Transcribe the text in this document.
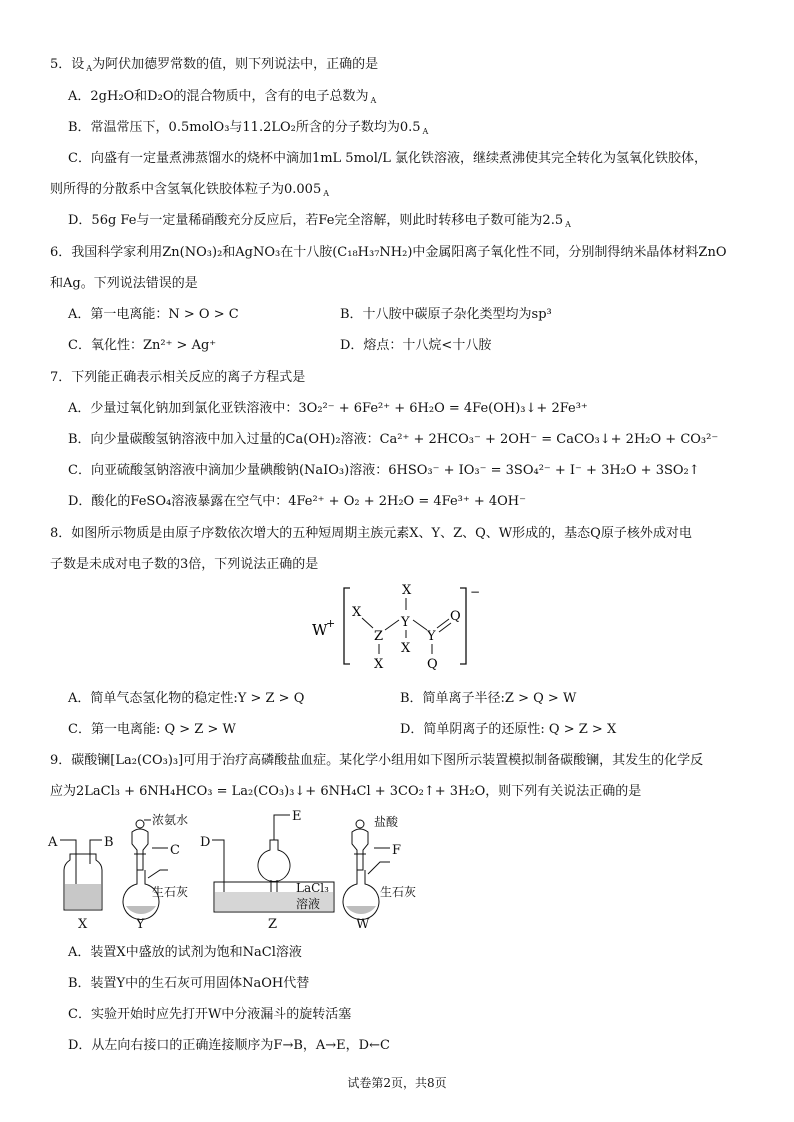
5．设 $_A$为阿伏加德罗常数的值，则下列说法中，正确的是
A．2gH₂O和D₂O的混合物质中，含有的电子总数为 $_A$
B．常温常压下，0.5molO₃与11.2LO₂所含的分子数均为0.5 $_A$
C．向盛有一定量煮沸蒸馏水的烧杯中滴加1mL 5mol/L 氯化铁溶液，继续煮沸使其完全转化为氢氧化铁胶体，
则所得的分散系中含氢氧化铁胶体粒子为0.005 $_A$
D．56g Fe与一定量稀硝酸充分反应后，若Fe完全溶解，则此时转移电子数可能为2.5 $_A$
6．我国科学家利用Zn(NO₃)₂和AgNO₃在十八胺(C₁₈H₃₇NH₂)中金属阳离子氧化性不同，分别制得纳米晶体材料ZnO
和Ag。下列说法错误的是
A．第一电离能：N > O > C	B．十八胺中碳原子杂化类型均为sp³
C．氧化性：Zn²⁺ > Ag⁺	D．熔点：十八烷<十八胺
7．下列能正确表示相关反应的离子方程式是
A．少量过氧化钠加到氯化亚铁溶液中：3O₂²⁻ + 6Fe²⁺ + 6H₂O = 4Fe(OH)₃↓+ 2Fe³⁺
B．向少量碳酸氢钠溶液中加入过量的Ca(OH)₂溶液：Ca²⁺ + 2HCO₃⁻ + 2OH⁻ = CaCO₃↓+ 2H₂O + CO₃²⁻
C．向亚硫酸氢钠溶液中滴加少量碘酸钠(NaIO₃)溶液：6HSO₃⁻ + IO₃⁻ = 3SO₄²⁻ + I⁻ + 3H₂O + 3SO₂↑
D．酸化的FeSO₄溶液暴露在空气中：4Fe²⁺ + O₂ + 2H₂O = 4Fe³⁺ + 4OH⁻
8．如图所示物质是由原子序数依次增大的五种短周期主族元素X、Y、Z、Q、W形成的，基态Q原子核外成对电
子数是未成对电子数的3倍，下列说法正确的是
W
+
−
X
X
Z
Y
Y
Q
X
X
Q
A．简单气态氢化物的稳定性:Y > Z > Q	B．简单离子半径:Z > Q > W
C．第一电离能: Q > Z > W	D．简单阴离子的还原性: Q > Z > X
9．碳酸镧[La₂(CO₃)₃]可用于治疗高磷酸盐血症。某化学小组用如下图所示装置模拟制备碳酸镧，其发生的化学反
应为2LaCl₃ + 6NH₄HCO₃ = La₂(CO₃)₃↓+ 6NH₄Cl + 3CO₂↑+ 3H₂O，则下列有关说法正确的是
A	B
X
浓氨水
C
生石灰
Y
D
E
LaCl₃
溶液
Z
盐酸
F
生石灰
W
A．装置X中盛放的试剂为饱和NaCl溶液
B．装置Y中的生石灰可用固体NaOH代替
C．实验开始时应先打开W中分液漏斗的旋转活塞
D．从左向右接口的正确连接顺序为F→B，A→E，D←C
试卷第2页，共8页
